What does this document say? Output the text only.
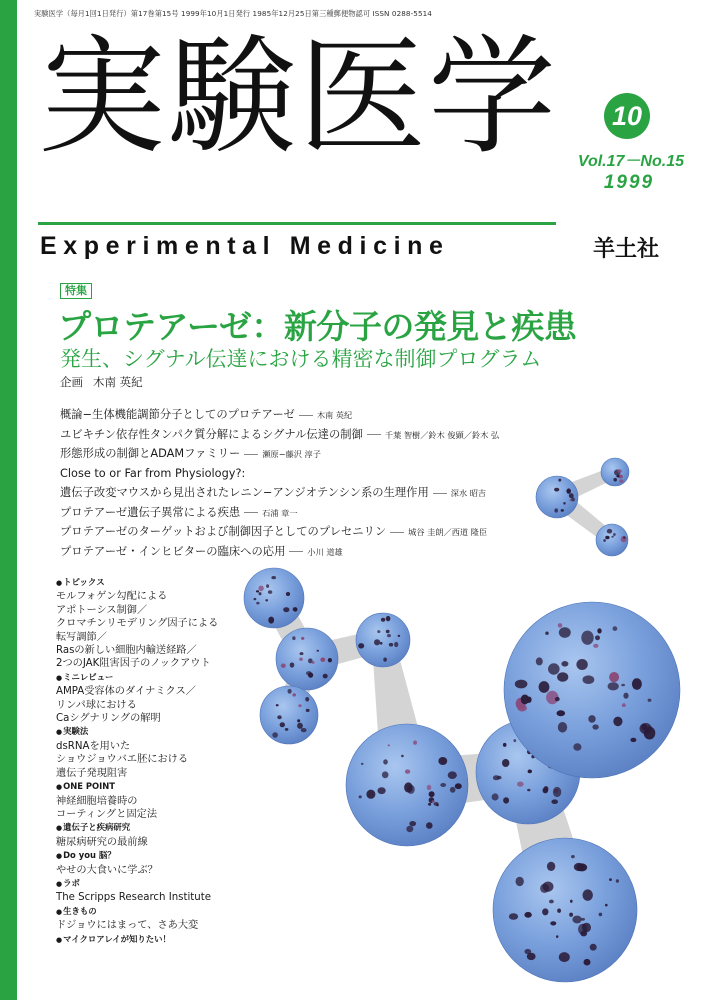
実験医学（毎月1回1日発行）第17巻第15号 1999年10月1日発行 1985年12月25日第三種郵便物認可 ISSN 0288-5514
実験医学 10
Vol.17－No.15
1999
Experimental Medicine	羊土社
特集
プロテアーゼ：新分子の発見と疾患
発生、シグナル伝達における精密な制御プログラム
企画 木南 英紀
概論−生体機能調節分子としてのプロテアーゼ	木南 英紀
ユビキチン依存性タンパク質分解によるシグナル伝達の制御	千葉 智樹／鈴木 俊顕／鈴木 弘
形態形成の制御とADAMファミリー	瀬原−藤沢 淳子
Close to or Far from Physiology?:
遺伝子改変マウスから見出されたレニン−アンジオテンシン系の生理作用	深水 昭吉
プロテアーゼ遺伝子異常による疾患	石浦 章一
プロテアーゼのターゲットおよび制御因子としてのプレセニリン	城谷 圭朗／西道 隆臣
プロテアーゼ・インヒビターの臨床への応用	小川 道雄
● トピックス
モルフォゲン勾配による
アポトーシス制御／
クロマチンリモデリング因子による
転写調節／
Rasの新しい細胞内輸送経路／
2つのJAK阻害因子のノックアウト
● ミニレビュー
AMPA受容体のダイナミクス／
リンパ球における
Caシグナリングの解明
● 実験法
dsRNAを用いた
ショウジョウバエ胚における
遺伝子発現阻害
● ONE POINT
神経細胞培養時の
コーティングと固定法
● 遺伝子と疾病研究
糖尿病研究の最前線
● Do you 脳？
やせの大食いに学ぶ？
● ラボ
The Scripps Research Institute
● 生きもの
ドジョウにはまって、さあ大変
● マイクロアレイが知りたい！
